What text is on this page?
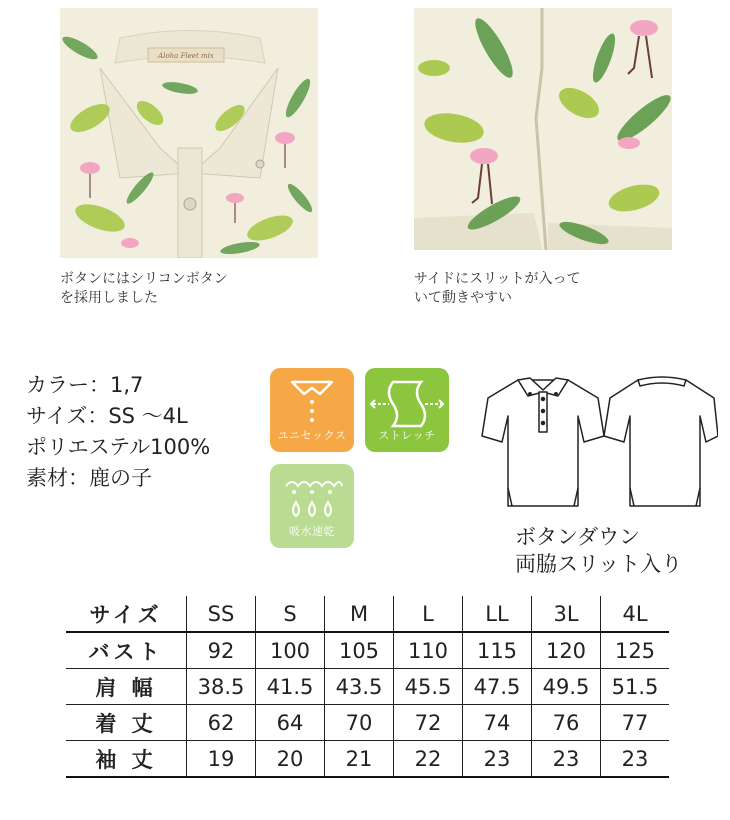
Aloha Fleet mix
ボタンにはシリコンボタン
を採用しました
サイドにスリットが入って
いて動きやすい
カラー：1,7
サイズ：SS ～4L
ポリエステル100%
素材：鹿の子
ユニセックス	ストレッチ
吸水速乾	ボタンダウン
両脇スリット入り
サイズ	SS	S	M	L	LL	3L	4L
バスト	92	100	105	110	115	120	125
肩 幅	38.5	41.5	43.5	45.5	47.5	49.5	51.5
着 丈	62	64	70	72	74	76	77
袖 丈	19	20	21	22	23	23	23
